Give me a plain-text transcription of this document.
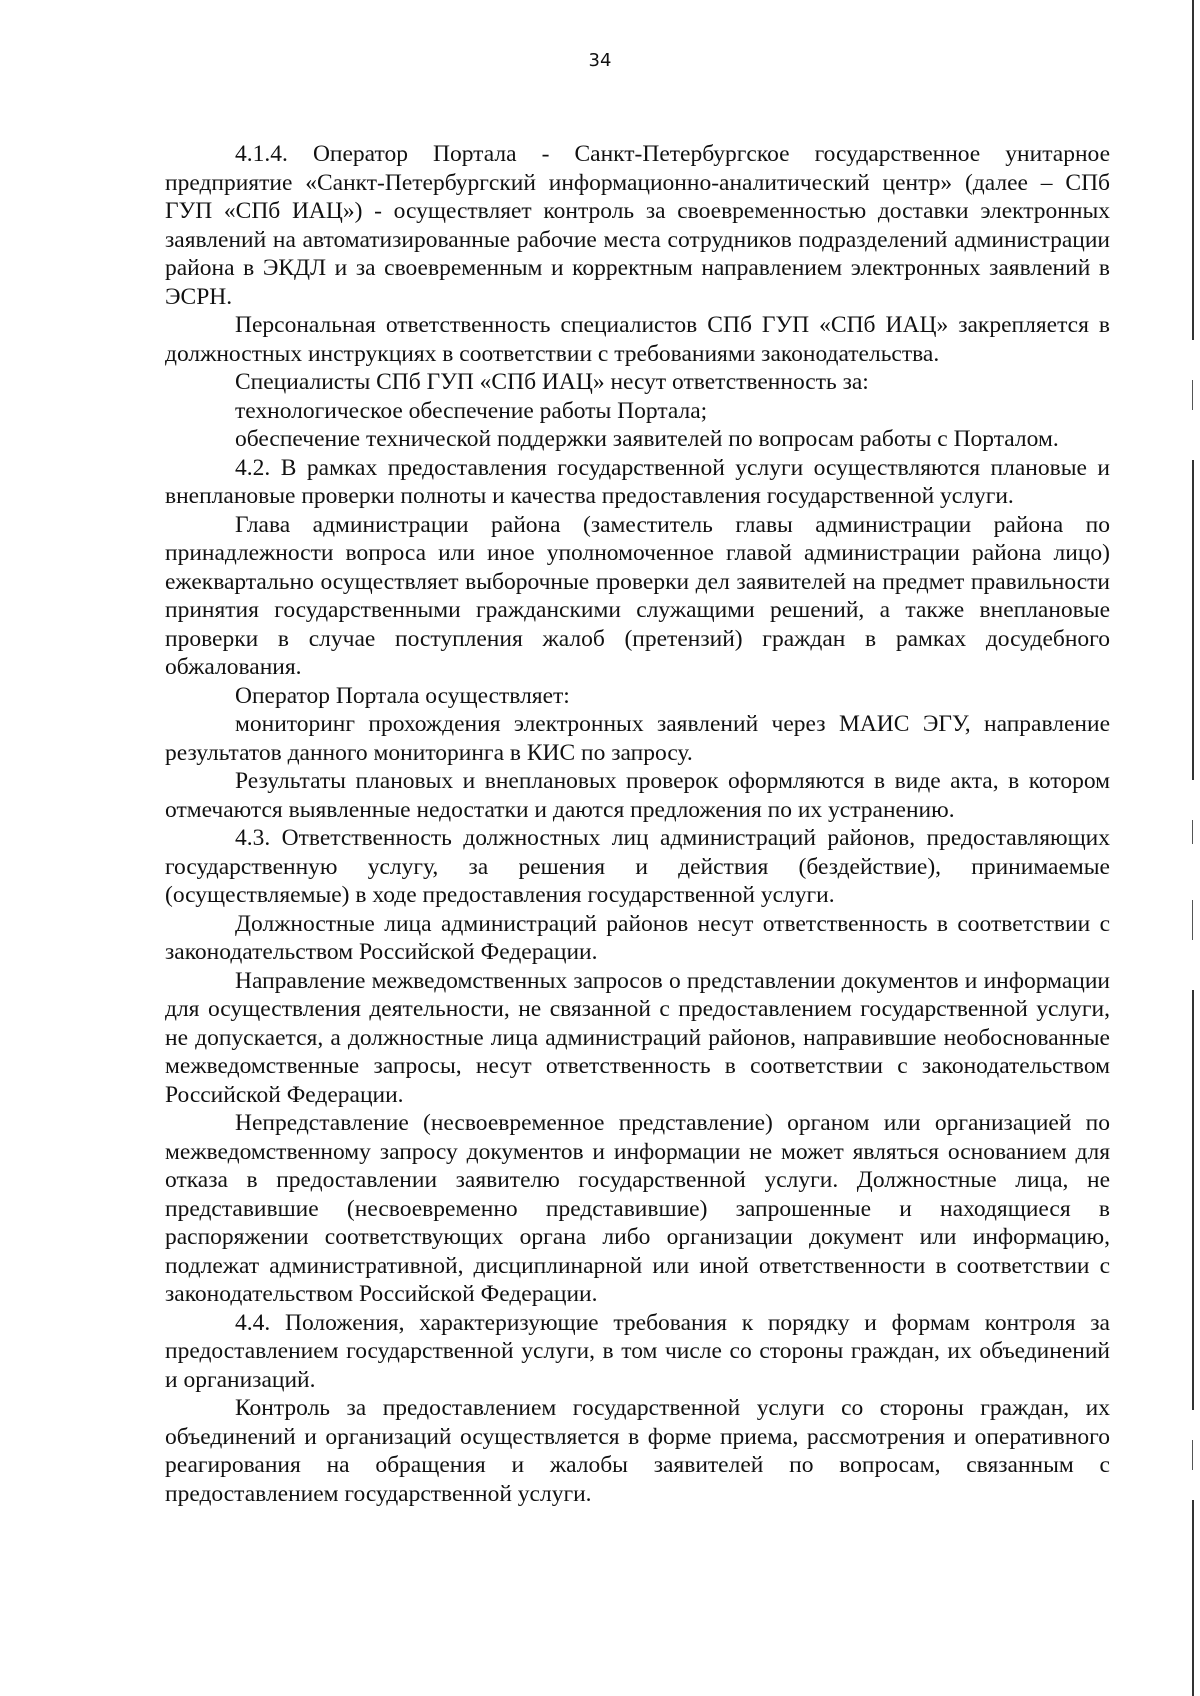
34

4.1.4. Оператор Портала - Санкт-Петербургское государственное унитарное предприятие «Санкт-Петербургский информационно-аналитический центр» (далее – СПб ГУП «СПб ИАЦ») - осуществляет контроль за своевременностью доставки электронных заявлений на автоматизированные рабочие места сотрудников подразделений администрации района в ЭКДЛ и за своевременным и корректным направлением электронных заявлений в ЭСРН.

Персональная ответственность специалистов СПб ГУП «СПб ИАЦ» закрепляется в должностных инструкциях в соответствии с требованиями законодательства.

Специалисты СПб ГУП «СПб ИАЦ» несут ответственность за:

технологическое обеспечение работы Портала;

обеспечение технической поддержки заявителей по вопросам работы с Порталом.

4.2. В рамках предоставления государственной услуги осуществляются плановые и внеплановые проверки полноты и качества предоставления государственной услуги.

Глава администрации района (заместитель главы администрации района по принадлежности вопроса или иное уполномоченное главой администрации района лицо) ежеквартально осуществляет выборочные проверки дел заявителей на предмет правильности принятия государственными гражданскими служащими решений, а также внеплановые проверки в случае поступления жалоб (претензий) граждан в рамках досудебного обжалования.

Оператор Портала осуществляет:

мониторинг прохождения электронных заявлений через МАИС ЭГУ, направление результатов данного мониторинга в КИС по запросу.

Результаты плановых и внеплановых проверок оформляются в виде акта, в котором отмечаются выявленные недостатки и даются предложения по их устранению.

4.3. Ответственность должностных лиц администраций районов, предоставляющих государственную услугу, за решения и действия (бездействие), принимаемые (осуществляемые) в ходе предоставления государственной услуги.

Должностные лица администраций районов несут ответственность в соответствии с законодательством Российской Федерации.

Направление межведомственных запросов о представлении документов и информации для осуществления деятельности, не связанной с предоставлением государственной услуги, не допускается, а должностные лица администраций районов, направившие необоснованные межведомственные запросы, несут ответственность в соответствии с законодательством Российской Федерации.

Непредставление (несвоевременное представление) органом или организацией по межведомственному запросу документов и информации не может являться основанием для отказа в предоставлении заявителю государственной услуги. Должностные лица, не представившие (несвоевременно представившие) запрошенные и находящиеся в распоряжении соответствующих органа либо организации документ или информацию, подлежат административной, дисциплинарной или иной ответственности в соответствии с законодательством Российской Федерации.

4.4. Положения, характеризующие требования к порядку и формам контроля за предоставлением государственной услуги, в том числе со стороны граждан, их объединений и организаций.

Контроль за предоставлением государственной услуги со стороны граждан, их объединений и организаций осуществляется в форме приема, рассмотрения и оперативного реагирования на обращения и жалобы заявителей по вопросам, связанным с предоставлением государственной услуги.
